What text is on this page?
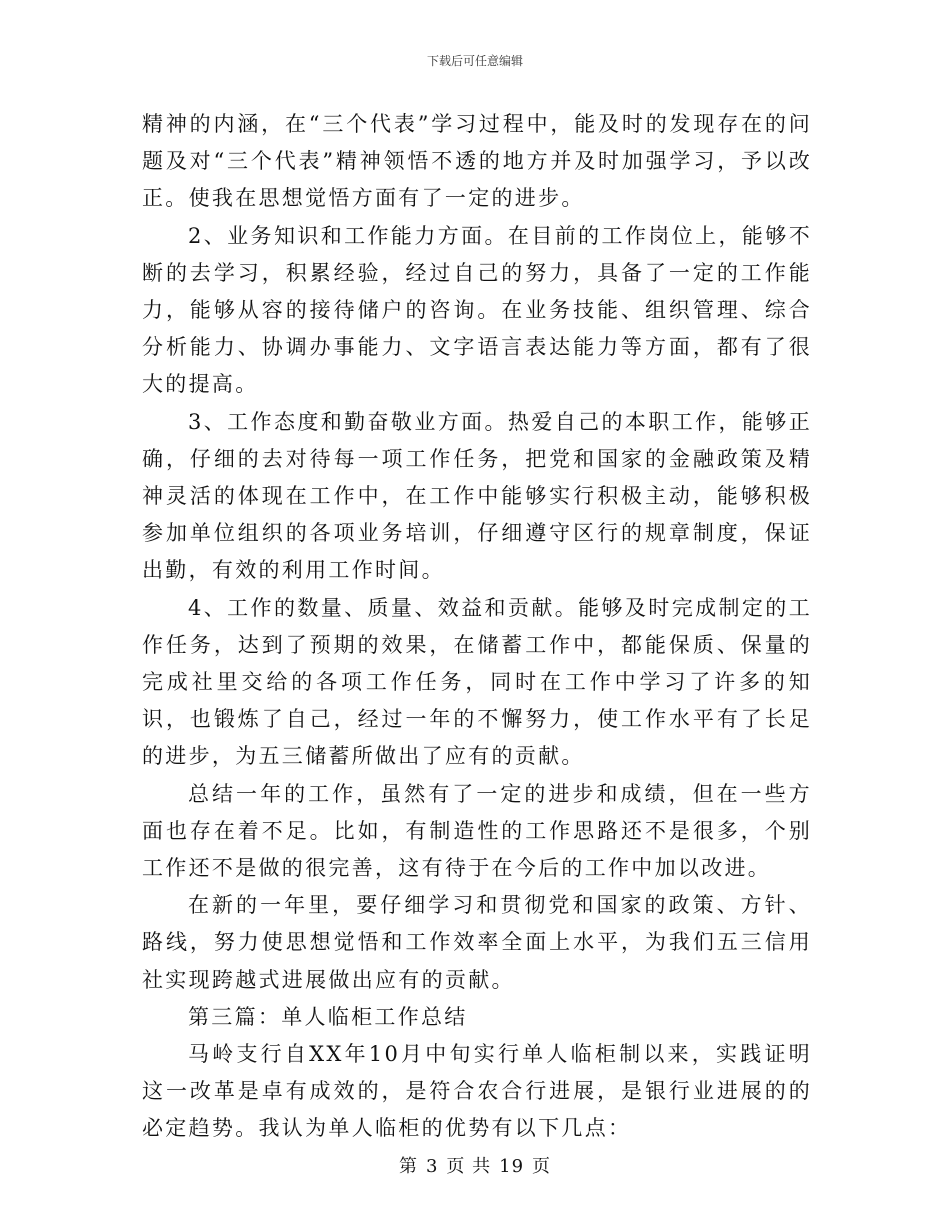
下载后可任意编辑

精神的内涵，在“三个代表”学习过程中，能及时的发现存在的问题及对“三个代表”精神领悟不透的地方并及时加强学习，予以改正。使我在思想觉悟方面有了一定的进步。

2、业务知识和工作能力方面。在目前的工作岗位上，能够不断的去学习，积累经验，经过自己的努力，具备了一定的工作能力，能够从容的接待储户的咨询。在业务技能、组织管理、综合分析能力、协调办事能力、文字语言表达能力等方面，都有了很大的提高。

3、工作态度和勤奋敬业方面。热爱自己的本职工作，能够正确，仔细的去对待每一项工作任务，把党和国家的金融政策及精神灵活的体现在工作中，在工作中能够实行积极主动，能够积极参加单位组织的各项业务培训，仔细遵守区行的规章制度，保证出勤，有效的利用工作时间。

4、工作的数量、质量、效益和贡献。能够及时完成制定的工作任务，达到了预期的效果，在储蓄工作中，都能保质、保量的完成社里交给的各项工作任务，同时在工作中学习了许多的知识，也锻炼了自己，经过一年的不懈努力，使工作水平有了长足的进步，为五三储蓄所做出了应有的贡献。

总结一年的工作，虽然有了一定的进步和成绩，但在一些方面也存在着不足。比如，有制造性的工作思路还不是很多，个别工作还不是做的很完善，这有待于在今后的工作中加以改进。

在新的一年里，要仔细学习和贯彻党和国家的政策、方针、路线，努力使思想觉悟和工作效率全面上水平，为我们五三信用社实现跨越式进展做出应有的贡献。

第三篇：单人临柜工作总结

马岭支行自XX年10月中旬实行单人临柜制以来，实践证明这一改革是卓有成效的，是符合农合行进展，是银行业进展的的必定趋势。我认为单人临柜的优势有以下几点：

第 3 页 共 19 页
